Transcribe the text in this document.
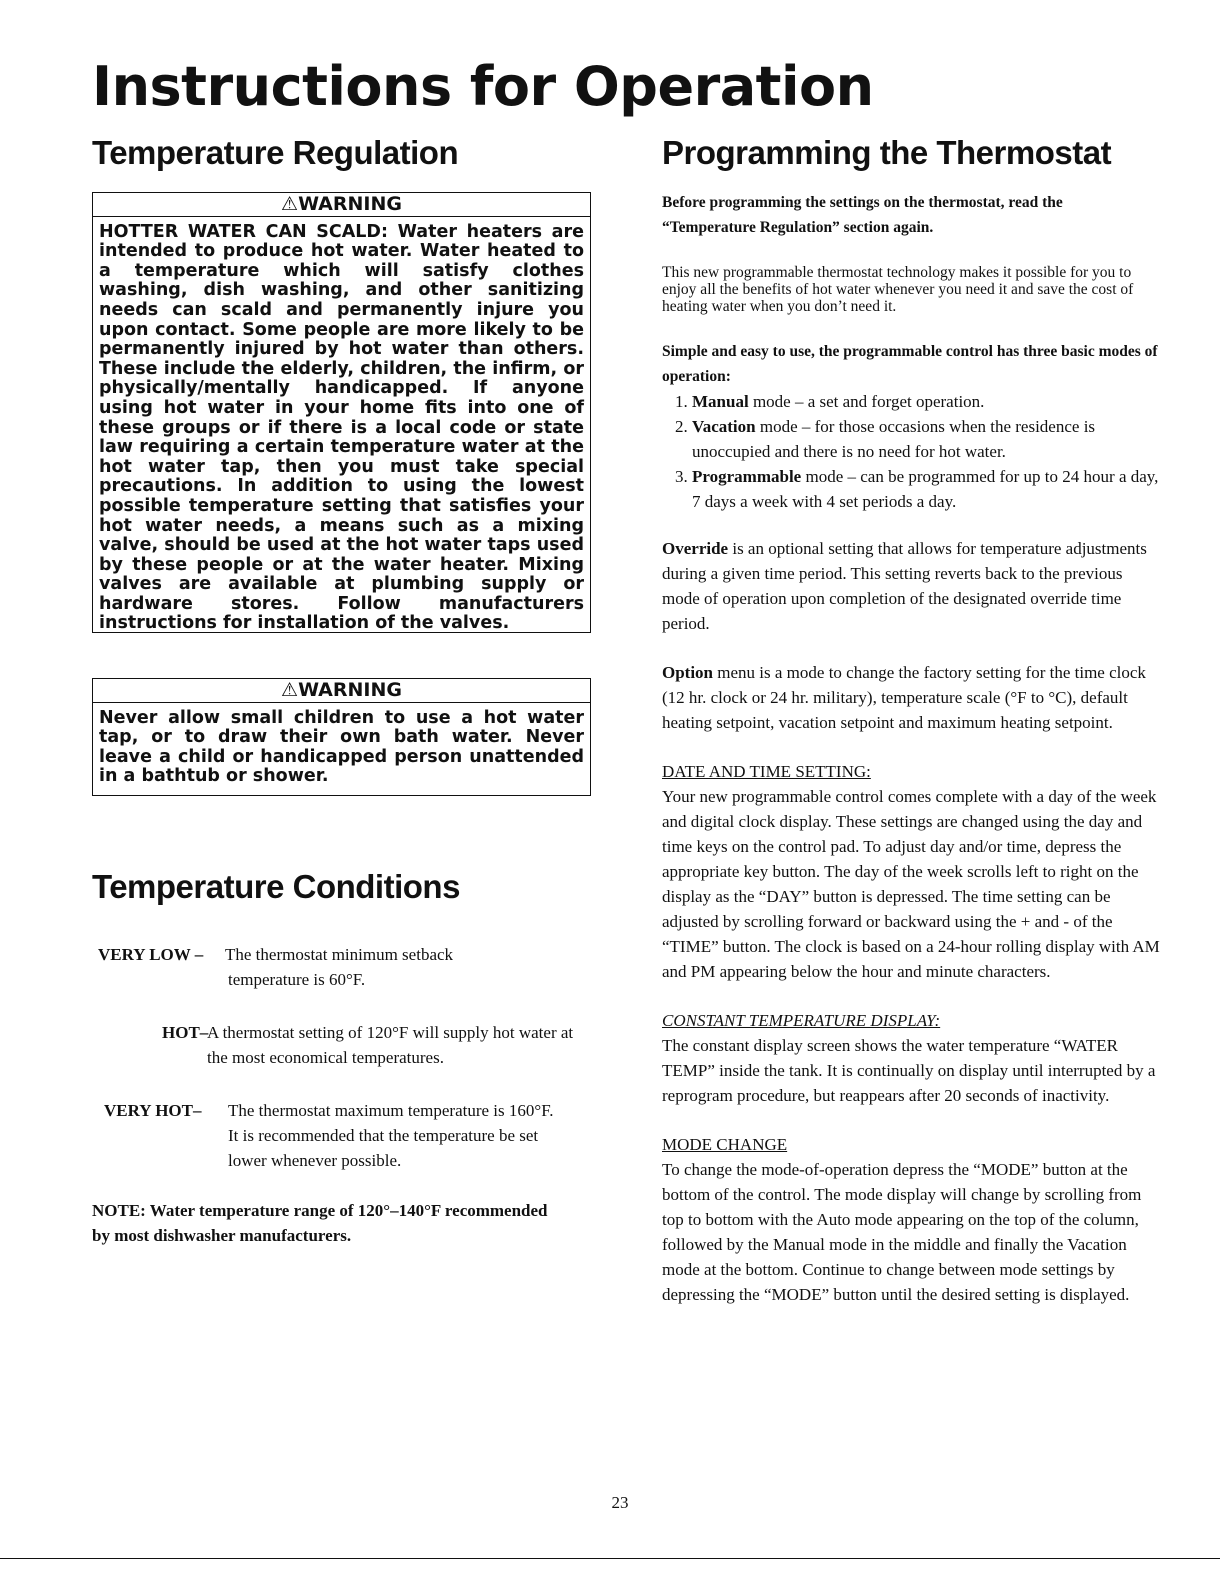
Instructions for Operation
Temperature Regulation
⚠WARNING
HOTTER WATER CAN SCALD: Water heaters are intended to produce hot water. Water heated to a temperature which will satisfy clothes washing, dish washing, and other sanitizing needs can scald and permanently injure you upon contact. Some people are more likely to be permanently injured by hot water than others. These include the elderly, children, the infirm, or physically/mentally handicapped. If anyone using hot water in your home fits into one of these groups or if there is a local code or state law requiring a certain temperature water at the hot water tap, then you must take special precautions. In addition to using the lowest possible temperature setting that satisfies your hot water needs, a means such as a mixing valve, should be used at the hot water taps used by these people or at the water heater. Mixing valves are available at plumbing supply or hardware stores. Follow manufacturers instructions for installation of the valves.
⚠WARNING
Never allow small children to use a hot water tap, or to draw their own bath water. Never leave a child or handicapped person unattended in a bathtub or shower.
Temperature Conditions
VERY LOW – The thermostat minimum setback temperature is 60°F.
HOT–
A thermostat setting of 120°F will supply hot water at the most economical temperatures.
VERY HOT– The thermostat maximum temperature is 160°F. It is recommended that the temperature be set lower whenever possible.
NOTE: Water temperature range of 120°–140°F recommended by most dishwasher manufacturers.
Programming the Thermostat

Before programming the settings on the thermostat, read the “Temperature Regulation” section again.

This new programmable thermostat technology makes it possible for you to enjoy all the benefits of hot water whenever you need it and save the cost of heating water when you don’t need it.

Simple and easy to use, the programmable control has three basic modes of operation:

1. Manual mode – a set and forget operation.
2. Vacation mode – for those occasions when the residence is unoccupied and there is no need for hot water.
3. Programmable mode – can be programmed for up to 24 hour a day, 7 days a week with 4 set periods a day.

Override is an optional setting that allows for temperature adjustments during a given time period. This setting reverts back to the previous mode of operation upon completion of the designated override time period.

Option menu is a mode to change the factory setting for the time clock (12 hr. clock or 24 hr. military), temperature scale (°F to °C), default heating setpoint, vacation setpoint and maximum heating setpoint.

DATE AND TIME SETTING:

Your new programmable control comes complete with a day of the week and digital clock display. These settings are changed using the day and time keys on the control pad. To adjust day and/or time, depress the appropriate key button. The day of the week scrolls left to right on the display as the “DAY” button is depressed. The time setting can be adjusted by scrolling forward or backward using the + and - of the “TIME” button. The clock is based on a 24-hour rolling display with AM and PM appearing below the hour and minute characters.

CONSTANT TEMPERATURE DISPLAY:

The constant display screen shows the water temperature “WATER TEMP” inside the tank. It is continually on display until interrupted by a reprogram procedure, but reappears after 20 seconds of inactivity.

MODE CHANGE

To change the mode-of-operation depress the “MODE” button at the bottom of the control. The mode display will change by scrolling from top to bottom with the Auto mode appearing on the top of the column, followed by the Manual mode in the middle and finally the Vacation mode at the bottom. Continue to change between mode settings by depressing the “MODE” button until the desired setting is displayed.

23
